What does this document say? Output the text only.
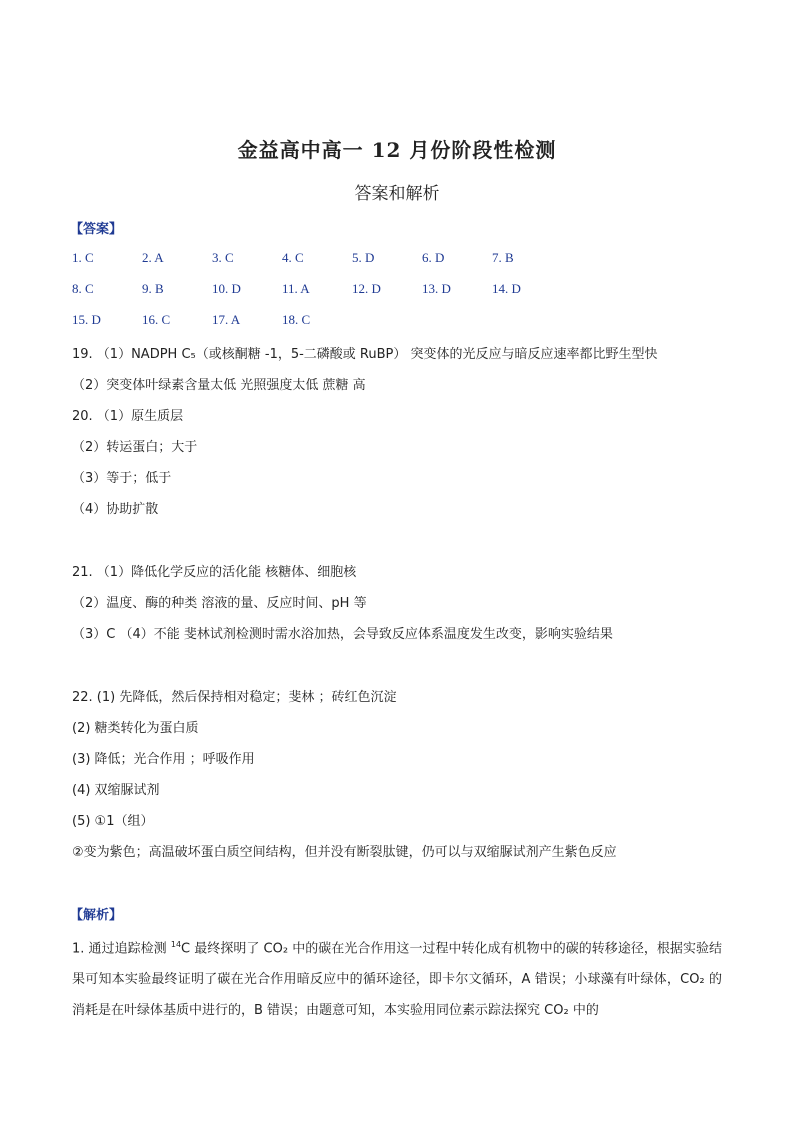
金益高中高一 12 月份阶段性检测
答案和解析
【答案】
1. C	2. A	3. C	4. C	5. D	6. D	7. B
8. C	9. B	10. D	11. A	12. D	13. D	14. D
15. D	16. C	17. A	18. C
19. （1）NADPH C₅（或核酮糖 -1，5-二磷酸或 RuBP） 突变体的光反应与暗反应速率都比野生型快
（2）突变体叶绿素含量太低 光照强度太低 蔗糖 高
20. （1）原生质层
（2）转运蛋白；大于
（3）等于；低于
（4）协助扩散
21. （1）降低化学反应的活化能 核糖体、细胞核
（2）温度、酶的种类 溶液的量、反应时间、pH 等
（3）C （4）不能 斐林试剂检测时需水浴加热，会导致反应体系温度发生改变，影响实验结果
22. (1) 先降低，然后保持相对稳定；斐林 ；砖红色沉淀
(2) 糖类转化为蛋白质
(3) 降低；光合作用 ；呼吸作用
(4) 双缩脲试剂
(5) ①1（组）
②变为紫色；高温破坏蛋白质空间结构，但并没有断裂肽键，仍可以与双缩脲试剂产生紫色反应
【解析】
1. 通过追踪检测 $^{14}$C 最终探明了 CO₂ 中的碳在光合作用这一过程中转化成有机物中的碳的转移途径，根据实验结果可知本实验最终证明了碳在光合作用暗反应中的循环途径，即卡尔文循环，A 错误；小球藻有叶绿体，CO₂ 的消耗是在叶绿体基质中进行的，B 错误；由题意可知，本实验用同位素示踪法探究 CO₂ 中的
